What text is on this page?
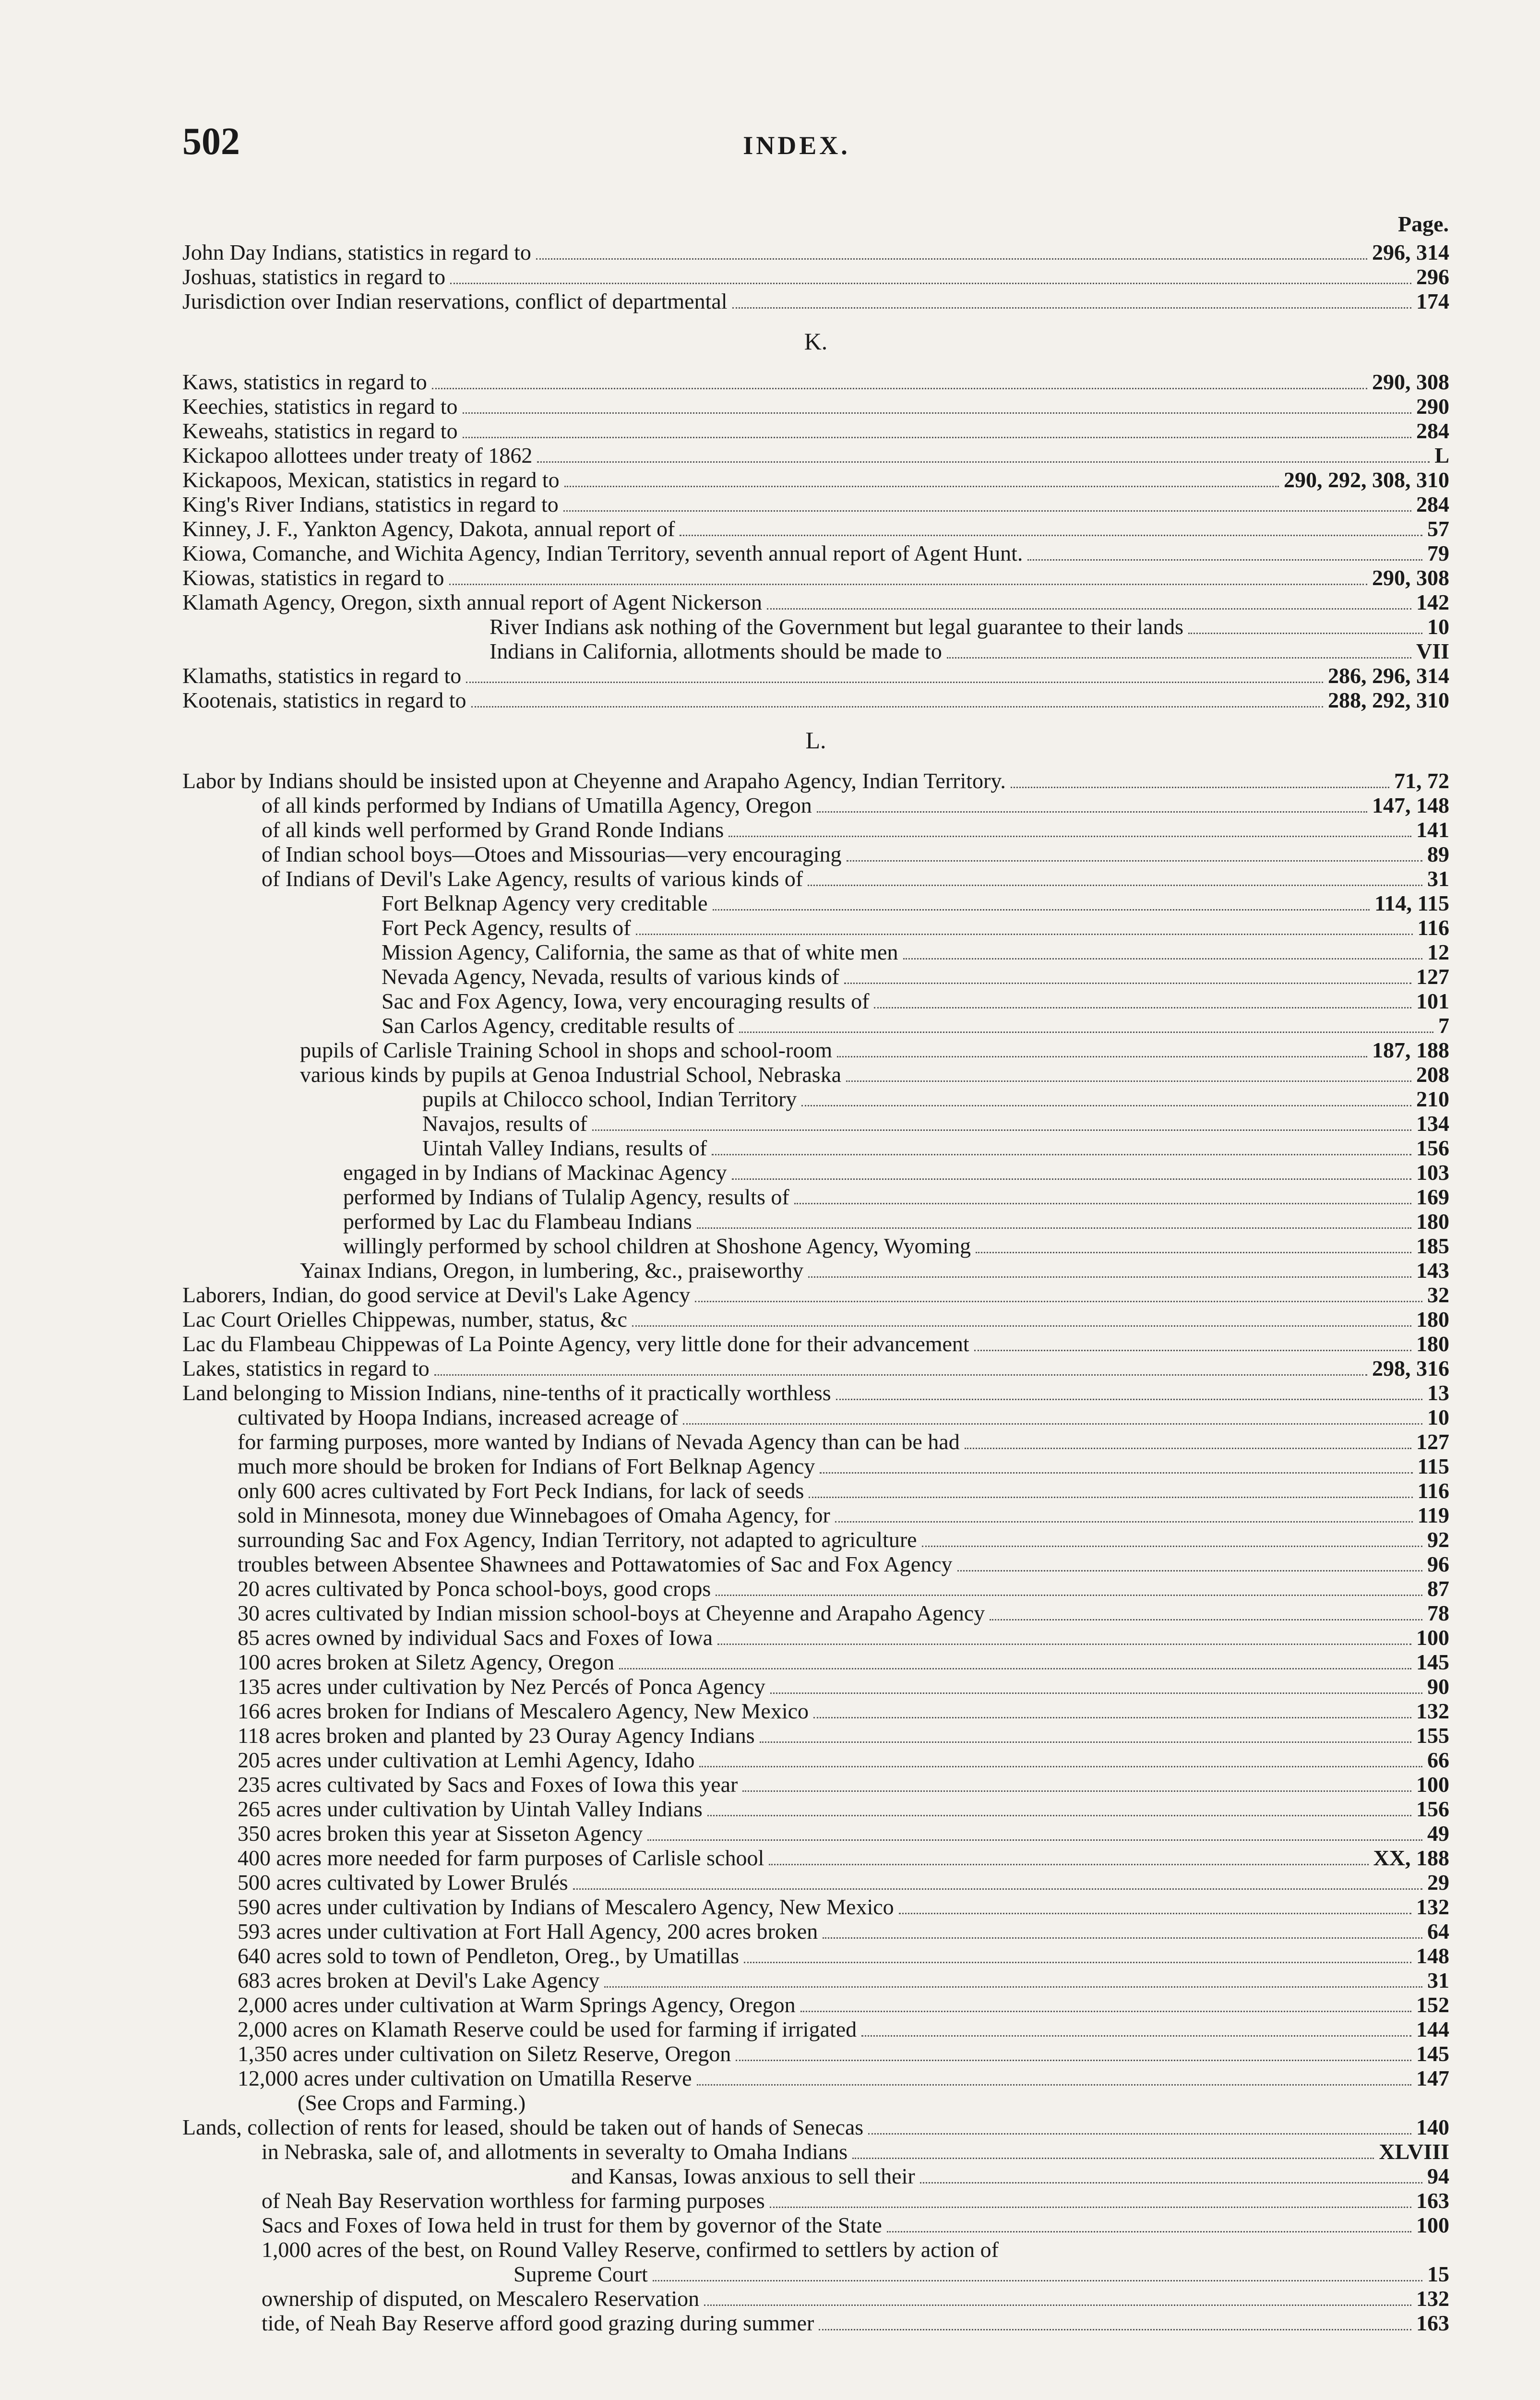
502	INDEX.
Page.
John Day Indians, statistics in regard to	296, 314
Joshuas, statistics in regard to	296
Jurisdiction over Indian reservations, conflict of departmental	174
K.
Kaws, statistics in regard to	290, 308
Keechies, statistics in regard to	290
Keweahs, statistics in regard to	284
Kickapoo allottees under treaty of 1862	L
Kickapoos, Mexican, statistics in regard to	290, 292, 308, 310
King's River Indians, statistics in regard to	284
Kinney, J. F., Yankton Agency, Dakota, annual report of	57
Kiowa, Comanche, and Wichita Agency, Indian Territory, seventh annual report of Agent Hunt.	79
Kiowas, statistics in regard to	290, 308
Klamath Agency, Oregon, sixth annual report of Agent Nickerson	142
River Indians ask nothing of the Government but legal guarantee to their lands	10
Indians in California, allotments should be made to	VII
Klamaths, statistics in regard to	286, 296, 314
Kootenais, statistics in regard to	288, 292, 310
L.
Labor by Indians should be insisted upon at Cheyenne and Arapaho Agency, Indian Territory.	71, 72
of all kinds performed by Indians of Umatilla Agency, Oregon	147, 148
of all kinds well performed by Grand Ronde Indians	141
of Indian school boys—Otoes and Missourias—very encouraging	89
of Indians of Devil's Lake Agency, results of various kinds of	31
Fort Belknap Agency very creditable	114, 115
Fort Peck Agency, results of	116
Mission Agency, California, the same as that of white men	12
Nevada Agency, Nevada, results of various kinds of	127
Sac and Fox Agency, Iowa, very encouraging results of	101
San Carlos Agency, creditable results of	7
pupils of Carlisle Training School in shops and school-room	187, 188
various kinds by pupils at Genoa Industrial School, Nebraska	208
pupils at Chilocco school, Indian Territory	210
Navajos, results of	134
Uintah Valley Indians, results of	156
engaged in by Indians of Mackinac Agency	103
performed by Indians of Tulalip Agency, results of	169
performed by Lac du Flambeau Indians	180
willingly performed by school children at Shoshone Agency, Wyoming	185
Yainax Indians, Oregon, in lumbering, &c., praiseworthy	143
Laborers, Indian, do good service at Devil's Lake Agency	32
Lac Court Orielles Chippewas, number, status, &c	180
Lac du Flambeau Chippewas of La Pointe Agency, very little done for their advancement	180
Lakes, statistics in regard to	298, 316
Land belonging to Mission Indians, nine-tenths of it practically worthless	13
cultivated by Hoopa Indians, increased acreage of	10
for farming purposes, more wanted by Indians of Nevada Agency than can be had	127
much more should be broken for Indians of Fort Belknap Agency	115
only 600 acres cultivated by Fort Peck Indians, for lack of seeds	116
sold in Minnesota, money due Winnebagoes of Omaha Agency, for	119
surrounding Sac and Fox Agency, Indian Territory, not adapted to agriculture	92
troubles between Absentee Shawnees and Pottawatomies of Sac and Fox Agency	96
20 acres cultivated by Ponca school-boys, good crops	87
30 acres cultivated by Indian mission school-boys at Cheyenne and Arapaho Agency	78
85 acres owned by individual Sacs and Foxes of Iowa	100
100 acres broken at Siletz Agency, Oregon	145
135 acres under cultivation by Nez Percés of Ponca Agency	90
166 acres broken for Indians of Mescalero Agency, New Mexico	132
118 acres broken and planted by 23 Ouray Agency Indians	155
205 acres under cultivation at Lemhi Agency, Idaho	66
235 acres cultivated by Sacs and Foxes of Iowa this year	100
265 acres under cultivation by Uintah Valley Indians	156
350 acres broken this year at Sisseton Agency	49
400 acres more needed for farm purposes of Carlisle school	XX, 188
500 acres cultivated by Lower Brulés	29
590 acres under cultivation by Indians of Mescalero Agency, New Mexico	132
593 acres under cultivation at Fort Hall Agency, 200 acres broken	64
640 acres sold to town of Pendleton, Oreg., by Umatillas	148
683 acres broken at Devil's Lake Agency	31
2,000 acres under cultivation at Warm Springs Agency, Oregon	152
2,000 acres on Klamath Reserve could be used for farming if irrigated	144
1,350 acres under cultivation on Siletz Reserve, Oregon	145
12,000 acres under cultivation on Umatilla Reserve	147
(See Crops and Farming.)
Lands, collection of rents for leased, should be taken out of hands of Senecas	140
in Nebraska, sale of, and allotments in severalty to Omaha Indians	XLVIII
and Kansas, Iowas anxious to sell their	94
of Neah Bay Reservation worthless for farming purposes	163
Sacs and Foxes of Iowa held in trust for them by governor of the State	100
1,000 acres of the best, on Round Valley Reserve, confirmed to settlers by action of
Supreme Court	15
ownership of disputed, on Mescalero Reservation	132
tide, of Neah Bay Reserve afford good grazing during summer	163
